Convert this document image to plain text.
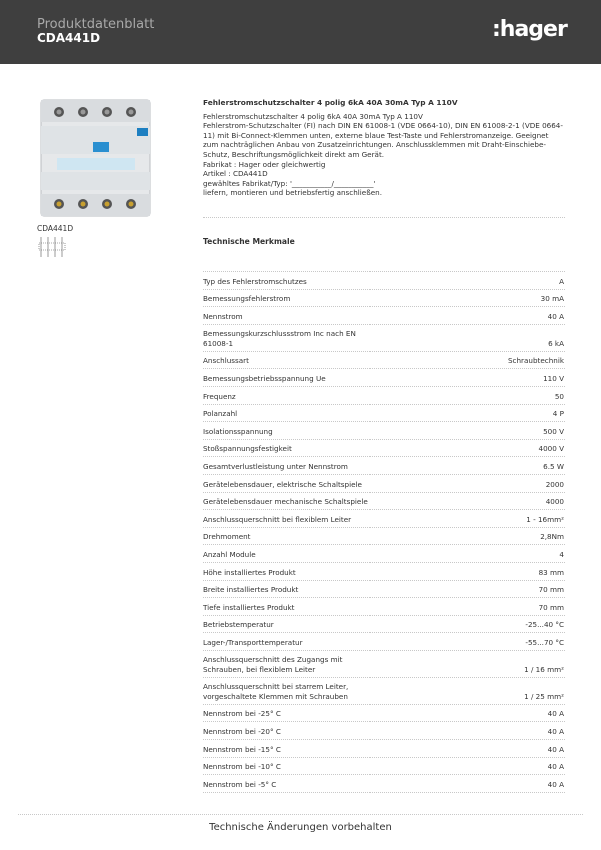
Produktdatenblatt
CDA441D	:hager
CDA441D
Fehlerstromschutzschalter 4 polig 6kA 40A 30mA Typ A 110V

Fehlerstromschutzschalter 4 polig 6kA 40A 30mA Typ A 110V

Fehlerstrom-Schutzschalter (FI) nach DIN EN 61008-1 (VDE 0664-10), DIN EN 61008-2-1 (VDE 0664-11) mit Bi-Connect-Klemmen unten, externe blaue Test-Taste und Fehlerstromanzeige. Geeignet zum nachträglichen Anbau von Zusatzeinrichtungen. Anschlussklemmen mit Draht-Einschiebe-Schutz, Beschriftungsmöglichkeit direkt am Gerät.

Fabrikat : Hager oder gleichwertig

Artikel : CDA441D

gewähltes Fabrikat/Typ: '___________/___________'

liefern, montieren und betriebsfertig anschließen.

Technische Merkmale
Typ des Fehlerstromschutzes	A
Bemessungsfehlerstrom	30 mA
Nennstrom	40 A
Bemessungskurzschlussstrom Inc nach EN 61008-1	6 kA
Anschlussart	Schraubtechnik
Bemessungsbetriebsspannung Ue	110 V
Frequenz	50
Polanzahl	4 P
Isolationsspannung	500 V
Stoßspannungsfestigkeit	4000 V
Gesamtverlustleistung unter Nennstrom	6.5 W
Gerätelebensdauer, elektrische Schaltspiele	2000
Gerätelebensdauer mechanische Schaltspiele	4000
Anschlussquerschnitt bei flexiblem Leiter	1 - 16mm²
Drehmoment	2,8Nm
Anzahl Module	4
Höhe installiertes Produkt	83 mm
Breite installiertes Produkt	70 mm
Tiefe installiertes Produkt	70 mm
Betriebstemperatur	-25...40 °C
Lager-/Transporttemperatur	-55...70 °C
Anschlussquerschnitt des Zugangs mit Schrauben, bei flexiblem Leiter	1 / 16 mm²
Anschlussquerschnitt bei starrem Leiter, vorgeschaltete Klemmen mit Schrauben	1 / 25 mm²
Nennstrom bei -25° C	40 A
Nennstrom bei -20° C	40 A
Nennstrom bei -15° C	40 A
Nennstrom bei -10° C	40 A
Nennstrom bei -5° C	40 A
Technische Änderungen vorbehalten
